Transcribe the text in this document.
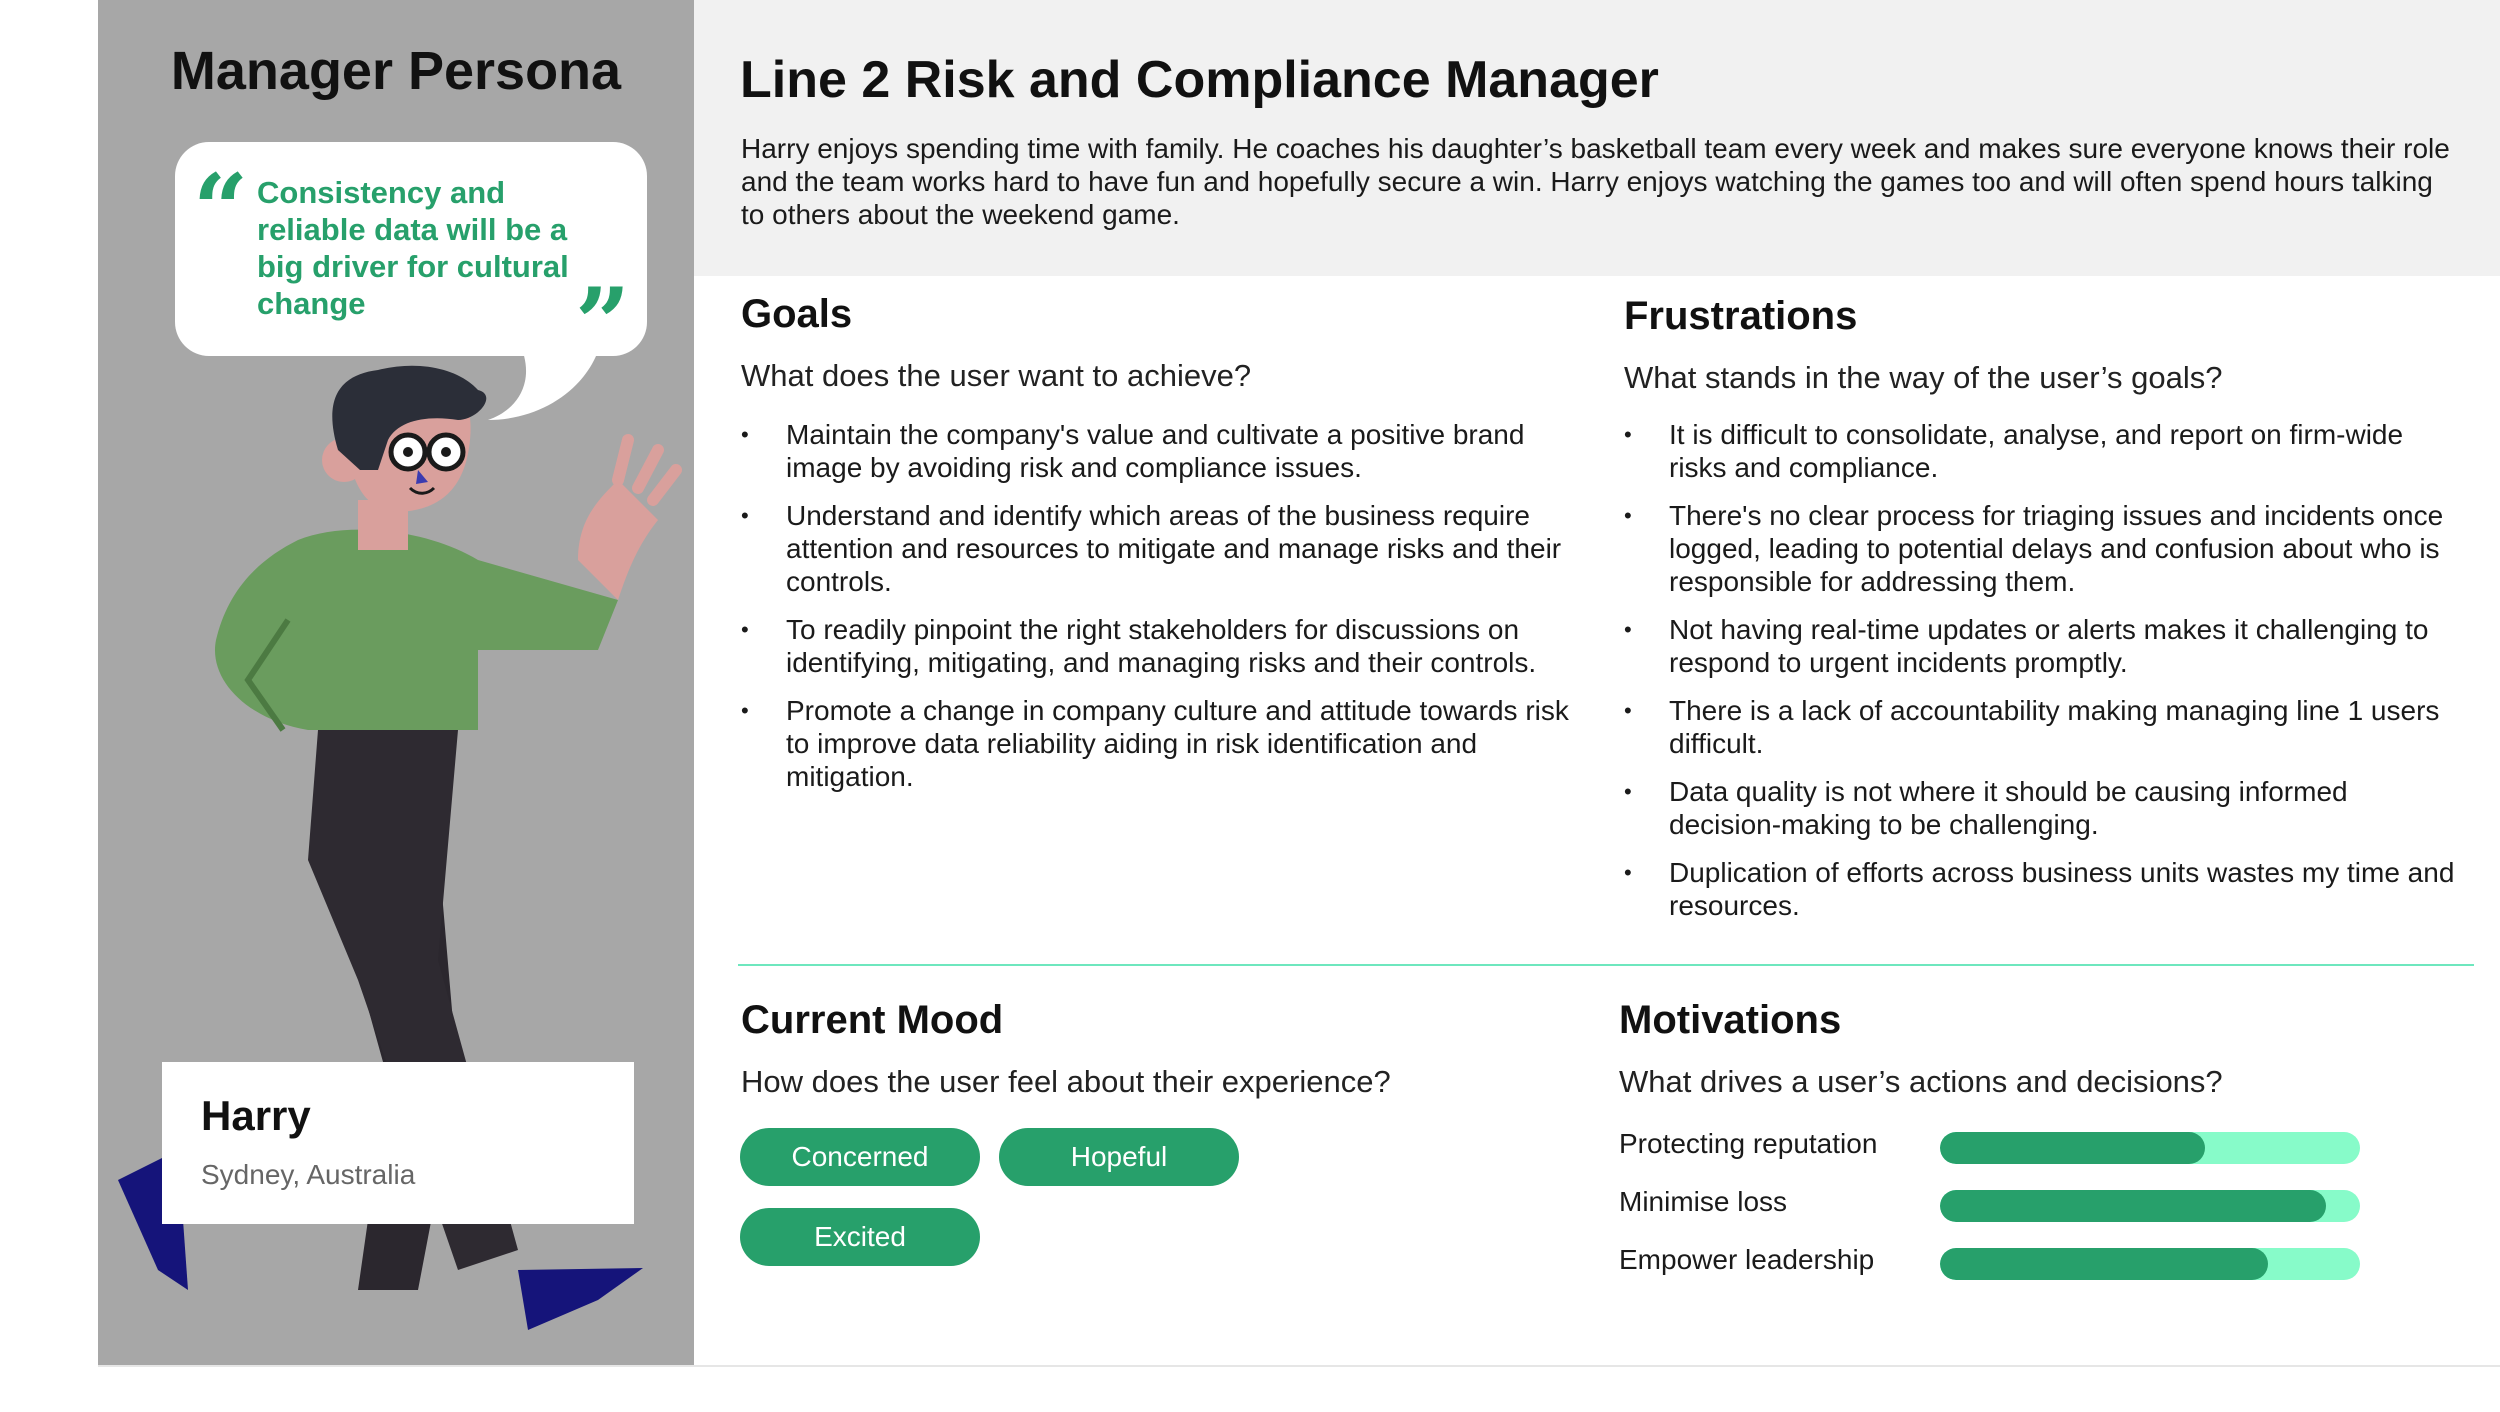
Manager Persona
“ Consistency and reliable data will be a big driver for cultural change	”
Harry
Sydney, Australia
Line 2 Risk and Compliance Manager
Harry enjoys spending time with family. He coaches his daughter’s basketball team every week and makes sure everyone knows their role and the team works hard to have fun and hopefully secure a win. Harry enjoys watching the games too and will often spend hours talking to others about the weekend game.
Goals
What does the user want to achieve?
• Maintain the company's value and cultivate a positive brand image by avoiding risk and compliance issues.
• Understand and identify which areas of the business require attention and resources to mitigate and manage risks and their controls.
• To readily pinpoint the right stakeholders for discussions on identifying, mitigating, and managing risks and their controls.
• Promote a change in company culture and attitude towards risk to improve data reliability aiding in risk identification and mitigation.
Frustrations
What stands in the way of the user’s goals?
• It is difficult to consolidate, analyse, and report on firm-wide risks and compliance.
• There's no clear process for triaging issues and incidents once logged, leading to potential delays and confusion about who is responsible for addressing them.
• Not having real-time updates or alerts makes it challenging to respond to urgent incidents promptly.
• There is a lack of accountability making managing line 1 users difficult.
• Data quality is not where it should be causing informed decision-making to be challenging.
• Duplication of efforts across business units wastes my time and resources.
Current Mood
How does the user feel about their experience?
Concerned	Hopeful
Excited
Motivations
What drives a user’s actions and decisions?
Protecting reputation
Minimise loss
Empower leadership
